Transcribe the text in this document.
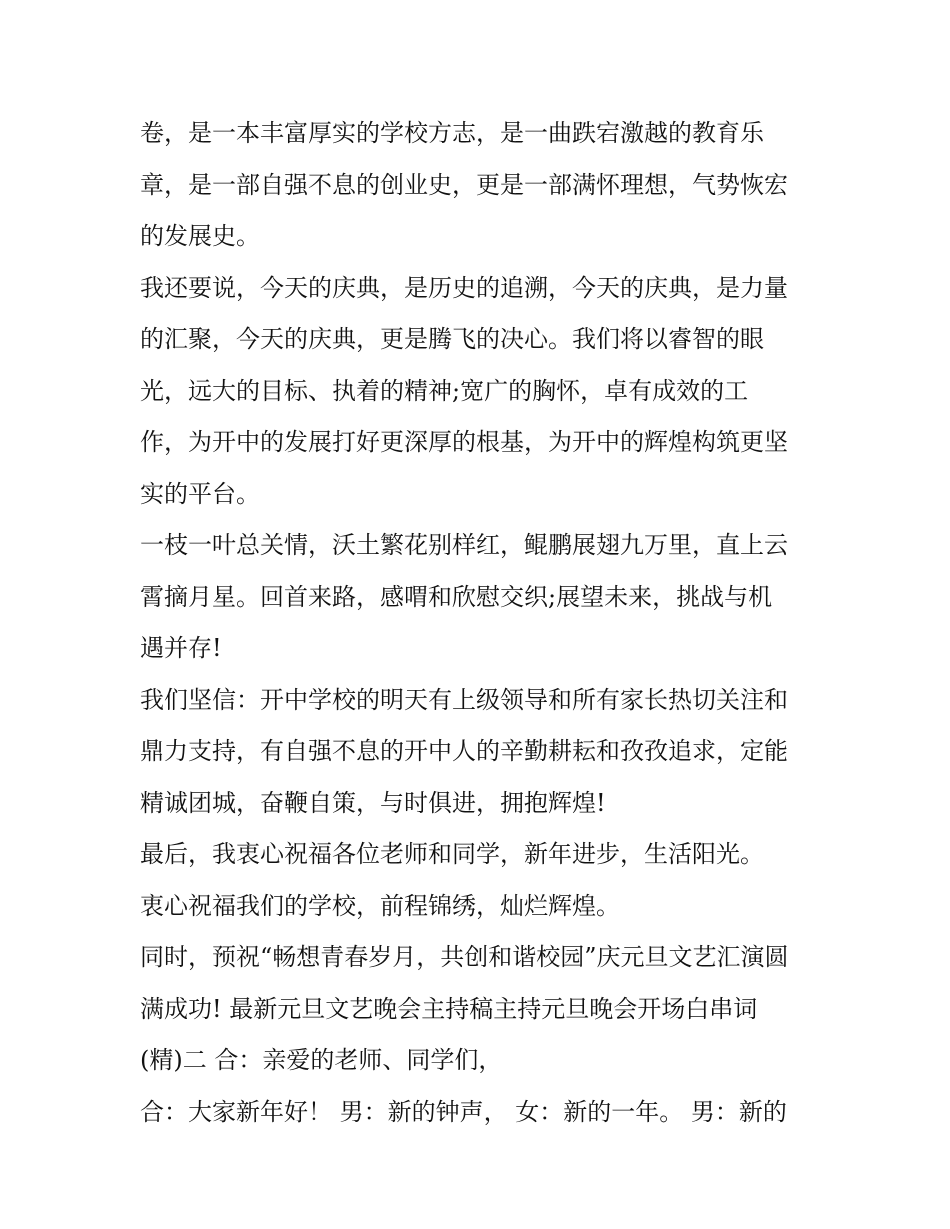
卷，是一本丰富厚实的学校方志，是一曲跌宕激越的教育乐
章，是一部自强不息的创业史，更是一部满怀理想，气势恢宏
的发展史。
我还要说，今天的庆典，是历史的追溯，今天的庆典，是力量
的汇聚，今天的庆典，更是腾飞的决心。我们将以睿智的眼
光，远大的目标、执着的精神;宽广的胸怀，卓有成效的工
作，为开中的发展打好更深厚的根基，为开中的辉煌构筑更坚
实的平台。
一枝一叶总关情，沃土繁花别样红，鲲鹏展翅九万里，直上云
霄摘月星。回首来路，感喟和欣慰交织;展望未来，挑战与机
遇并存!
我们坚信：开中学校的明天有上级领导和所有家长热切关注和
鼎力支持，有自强不息的开中人的辛勤耕耘和孜孜追求，定能
精诚团城，奋鞭自策，与时俱进，拥抱辉煌!
最后，我衷心祝福各位老师和同学，新年进步，生活阳光。
衷心祝福我们的学校，前程锦绣，灿烂辉煌。
同时，预祝“畅想青春岁月，共创和谐校园”庆元旦文艺汇演圆
满成功! 最新元旦文艺晚会主持稿主持元旦晚会开场白串词
(精)二 合：亲爱的老师、同学们，
合：大家新年好！ 男：新的钟声， 女：新的一年。 男：新的
